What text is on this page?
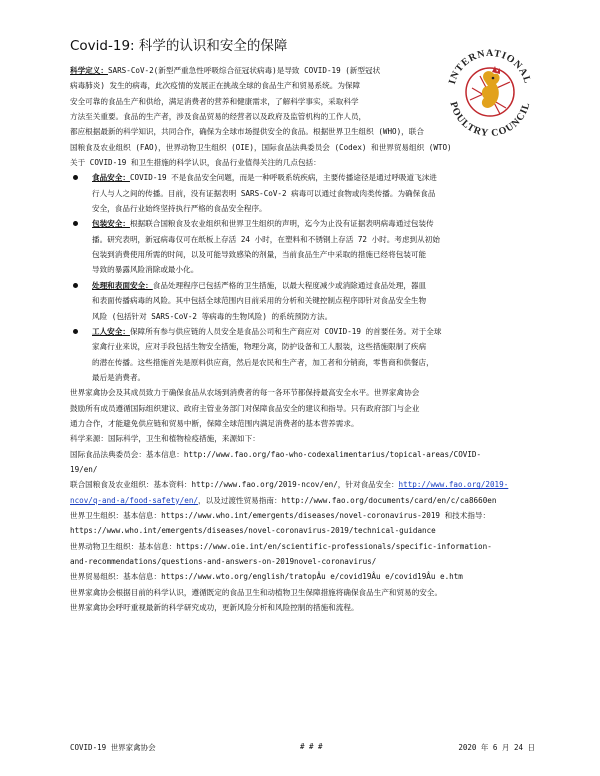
Covid-19: 科学的认识和安全的保障
INTERNATIONAL
POULTRY COUNCIL
科学定义：SARS-CoV-2(新型严重急性呼吸综合征冠状病毒)是导致 COVID-19 (新型冠状
病毒肺炎) 发生的病毒，此次疫情的发展正在挑战全球的食品生产和贸易系统。为保障
安全可靠的食品生产和供给，满足消费者的营养和健康需求，了解科学事实，采取科学
方法至关重要。食品的生产者，涉及食品贸易的经营者以及政府及监管机构的工作人员，
都应根据最新的科学知识，共同合作，确保为全球市场提供安全的食品。根据世界卫生组织 (WHO)，联合
国粮食及农业组织 (FAO)，世界动物卫生组织 (OIE)，国际食品法典委员会 (Codex) 和世界贸易组织 (WTO)
关于 COVID-19 和卫生措施的科学认识，食品行业值得关注的几点包括：
食品安全：COVID-19 不是食品安全问题，而是一种呼吸系统疾病，主要传播途径是通过呼吸道飞沫进
行人与人之间的传播。目前，没有证据表明 SARS-CoV-2 病毒可以通过食物或肉类传播。为确保食品
安全，食品行业始终坚持执行严格的食品安全程序。
包装安全：根据联合国粮食及农业组织和世界卫生组织的声明，迄今为止没有证据表明病毒通过包装传
播。研究表明，新冠病毒仅可在纸板上存活 24 小时，在塑料和不锈钢上存活 72 小时。考虑到从初始
包装到消费使用所需的时间，以及可能导致感染的剂量，当前食品生产中采取的措施已经将包装可能
导致的暴露风险消除或最小化。
处理和表面安全：食品处理程序已包括严格的卫生措施，以最大程度减少或消除通过食品处理，器皿
和表面传播病毒的风险。其中包括全球范围内目前采用的分析和关键控制点程序即针对食品安全生物
风险 (包括针对 SARS-CoV-2 等病毒的生物风险) 的系统预防方法。
工人安全：保障所有参与供应链的人员安全是食品公司和生产商应对 COVID-19 的首要任务。对于全球
家禽行业来说，应对手段包括生物安全措施，物理分离，防护设备和工人服装，这些措施限制了疾病
的潜在传播。这些措施首先是原料供应商，然后是农民和生产者，加工者和分销商，零售商和供餐店，
最后是消费者。
世界家禽协会及其成员致力于确保食品从农场到消费者的每一各环节都保持最高安全水平。世界家禽协会
鼓励所有成员遵循国际组织建议、政府主管业务部门对保障食品安全的建议和指导。只有政府部门与企业
通力合作，才能避免供应链和贸易中断，保障全球范围内满足消费者的基本营养需求。
科学来源：国际科学，卫生和植物检疫措施，来源如下：
国际食品法典委员会：基本信息：http://www.fao.org/fao-who-codexalimentarius/topical-areas/COVID-
19/en/
联合国粮食及农业组织：基本资料：http://www.fao.org/2019-ncov/en/，针对食品安全：http://www.fao.org/2019-
ncov/q-and-a/food-safety/en/，以及过渡性贸易指南：http://www.fao.org/documents/card/en/c/ca8660en
世界卫生组织：基本信息：https://www.who.int/emergents/diseases/novel-coronavirus-2019 和技术指导：
https://www.who.int/emergents/diseases/novel-coronavirus-2019/technical-guidance
世界动物卫生组织：基本信息：https://www.oie.int/en/scientific-professionals/specific-information-
and-recommendations/questions-and-answers-on-2019novel-coronavirus/
世界贸易组织：基本信息：https://www.wto.org/english/tratopÂu e/covid19Âu e/covid19Âu e.htm
世界家禽协会根据目前的科学认识，遵循既定的食品卫生和动植物卫生保障措施将确保食品生产和贸易的安全。
世界家禽协会呼吁重视最新的科学研究成功，更新风险分析和风险控制的措施和流程。
COVID-19 世界家禽协会	# # #	2020 年 6 月 24 日
